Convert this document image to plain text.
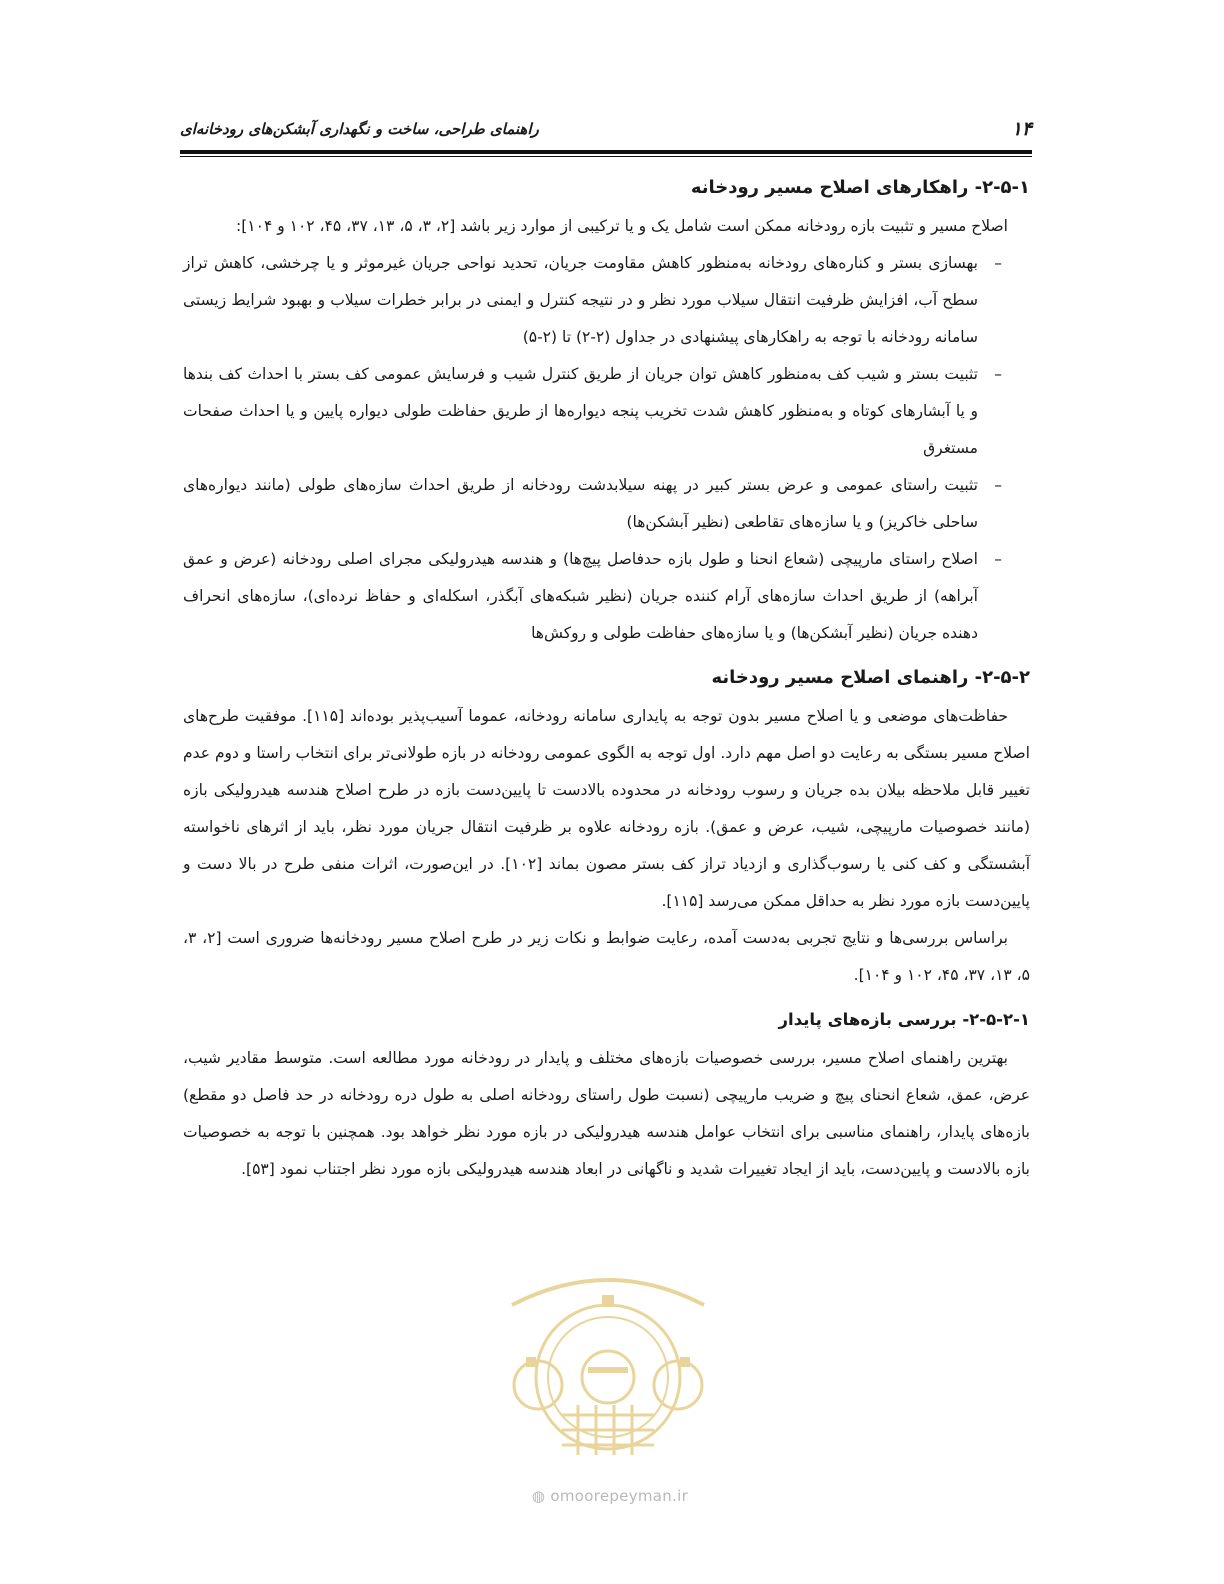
۱۴
راهنمای طراحی، ساخت و نگهداری آبشکن‌های رودخانه‌ای
۲-۵-۱- راهکارهای اصلاح مسیر رودخانه

اصلاح مسیر و تثبیت بازه رودخانه ممکن است شامل یک و یا ترکیبی از موارد زیر باشد [۲، ۳، ۵، ۱۳، ۳۷، ۴۵، ۱۰۲ و ۱۰۴]:

–
بهسازی بستر و کناره‌های رودخانه به‌منظور کاهش مقاومت جریان، تحدید نواحی جریان غیرموثر و یا چرخشی، کاهش تراز سطح آب، افزایش ظرفیت انتقال سیلاب مورد نظر و در نتیجه کنترل و ایمنی در برابر خطرات سیلاب و بهبود شرایط زیستی سامانه رودخانه با توجه به راهکارهای پیشنهادی در جداول (۲-۲) تا (۲-۵)
–
تثبیت بستر و شیب کف به‌منظور کاهش توان جریان از طریق کنترل شیب و فرسایش عمومی کف بستر با احداث کف بندها و یا آبشارهای کوتاه و به‌منظور کاهش شدت تخریب پنجه دیواره‌ها از طریق حفاظت طولی دیواره پایین و یا احداث صفحات مستغرق
–
تثبیت راستای عمومی و عرض بستر کبیر در پهنه سیلابدشت رودخانه از طریق احداث سازه‌های طولی (مانند دیواره‌های ساحلی خاکریز) و یا سازه‌های تقاطعی (نظیر آبشکن‌ها)
–
اصلاح راستای مارپیچی (شعاع انحنا و طول بازه حدفاصل پیچ‌ها) و هندسه هیدرولیکی مجرای اصلی رودخانه (عرض و عمق آبراهه) از طریق احداث سازه‌های آرام کننده جریان (نظیر شبکه‌های آبگذر، اسکله‌ای و حفاظ نرده‌ای)، سازه‌های انحراف دهنده جریان (نظیر آبشکن‌ها) و یا سازه‌های حفاظت طولی و روکش‌ها
۲-۵-۲- راهنمای اصلاح مسیر رودخانه

حفاظت‌های موضعی و یا اصلاح مسیر بدون توجه به پایداری سامانه رودخانه، عموما آسیب‌پذیر بوده‌اند [۱۱۵]. موفقیت طرح‌های اصلاح مسیر بستگی به رعایت دو اصل مهم دارد. اول توجه به الگوی عمومی رودخانه در بازه طولانی‌تر برای انتخاب راستا و دوم عدم تغییر قابل ملاحظه بیلان بده جریان و رسوب رودخانه در محدوده بالادست تا پایین‌دست بازه در طرح اصلاح هندسه هیدرولیکی بازه (مانند خصوصیات مارپیچی، شیب، عرض و عمق). بازه رودخانه علاوه بر ظرفیت انتقال جریان مورد نظر، باید از اثرهای ناخواسته آبشستگی و کف کنی یا رسوب‌گذاری و ازدیاد تراز کف بستر مصون بماند [۱۰۲]. در این‌صورت، اثرات منفی طرح در بالا دست و پایین‌دست بازه مورد نظر به حداقل ممکن می‌رسد [۱۱۵].

براساس بررسی‌ها و نتایج تجربی به‌دست آمده، رعایت ضوابط و نکات زیر در طرح اصلاح مسیر رودخانه‌ها ضروری است [۲، ۳، ۵، ۱۳، ۳۷، ۴۵، ۱۰۲ و ۱۰۴].

۲-۵-۲-۱- بررسی بازه‌های پایدار

بهترین راهنمای اصلاح مسیر، بررسی خصوصیات بازه‌های مختلف و پایدار در رودخانه مورد مطالعه است. متوسط مقادیر شیب، عرض، عمق، شعاع انحنای پیچ و ضریب مارپیچی (نسبت طول راستای رودخانه اصلی به طول دره رودخانه در حد فاصل دو مقطع) بازه‌های پایدار، راهنمای مناسبی برای انتخاب عوامل هندسه هیدرولیکی در بازه مورد نظر خواهد بود. همچنین با توجه به خصوصیات بازه بالادست و پایین‌دست، باید از ایجاد تغییرات شدید و ناگهانی در ابعاد هندسه هیدرولیکی بازه مورد نظر اجتناب نمود [۵۳].

◍ omoorepeyman.ir
